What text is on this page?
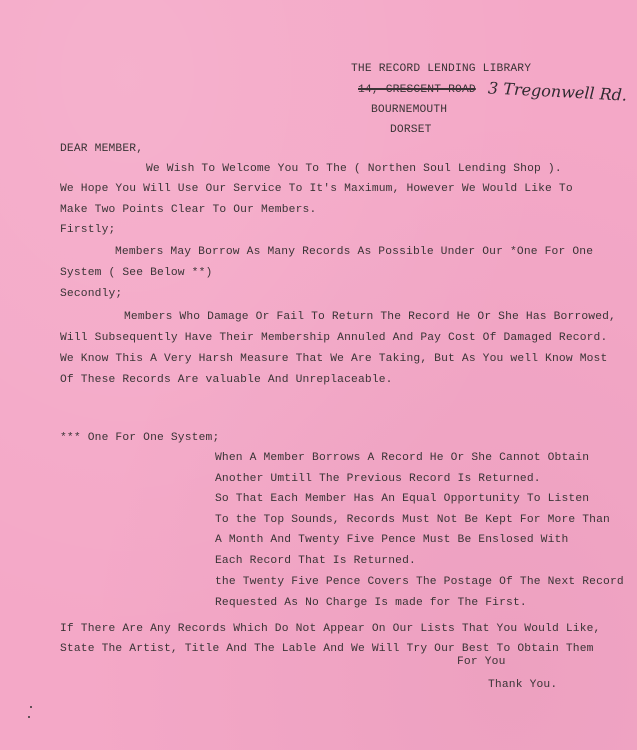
THE RECORD LENDING LIBRARY
14, CRESCENT ROAD 3 Tregonwell Rd.
BOURNEMOUTH
DORSET
DEAR MEMBER,
We Wish To Welcome You To The ( Northen Soul Lending Shop ).
We Hope You Will Use Our Service To It's Maximum, However We Would Like To
Make Two Points Clear To Our Members.
Firstly;
Members May Borrow As Many Records As Possible Under Our *One For One
System ( See Below **)
Secondly;
Members Who Damage Or Fail To Return The Record He Or She Has Borrowed,
Will Subsequently Have Their Membership Annuled And Pay Cost Of Damaged Record.
We Know This A Very Harsh Measure That We Are Taking, But As You well Know Most
Of These Records Are valuable And Unreplaceable.
*** One For One System;
When A Member Borrows A Record He Or She Cannot Obtain
Another Umtill The Previous Record Is Returned.
So That Each Member Has An Equal Opportunity To Listen
To the Top Sounds, Records Must Not Be Kept For More Than
A Month And Twenty Five Pence Must Be Enslosed With
Each Record That Is Returned.
the Twenty Five Pence Covers The Postage Of The Next Record
Requested As No Charge Is made for The First.
If There Are Any Records Which Do Not Appear On Our Lists That You Would Like,
State The Artist, Title And The Lable And We Will Try Our Best To Obtain Them
For You
Thank You.
